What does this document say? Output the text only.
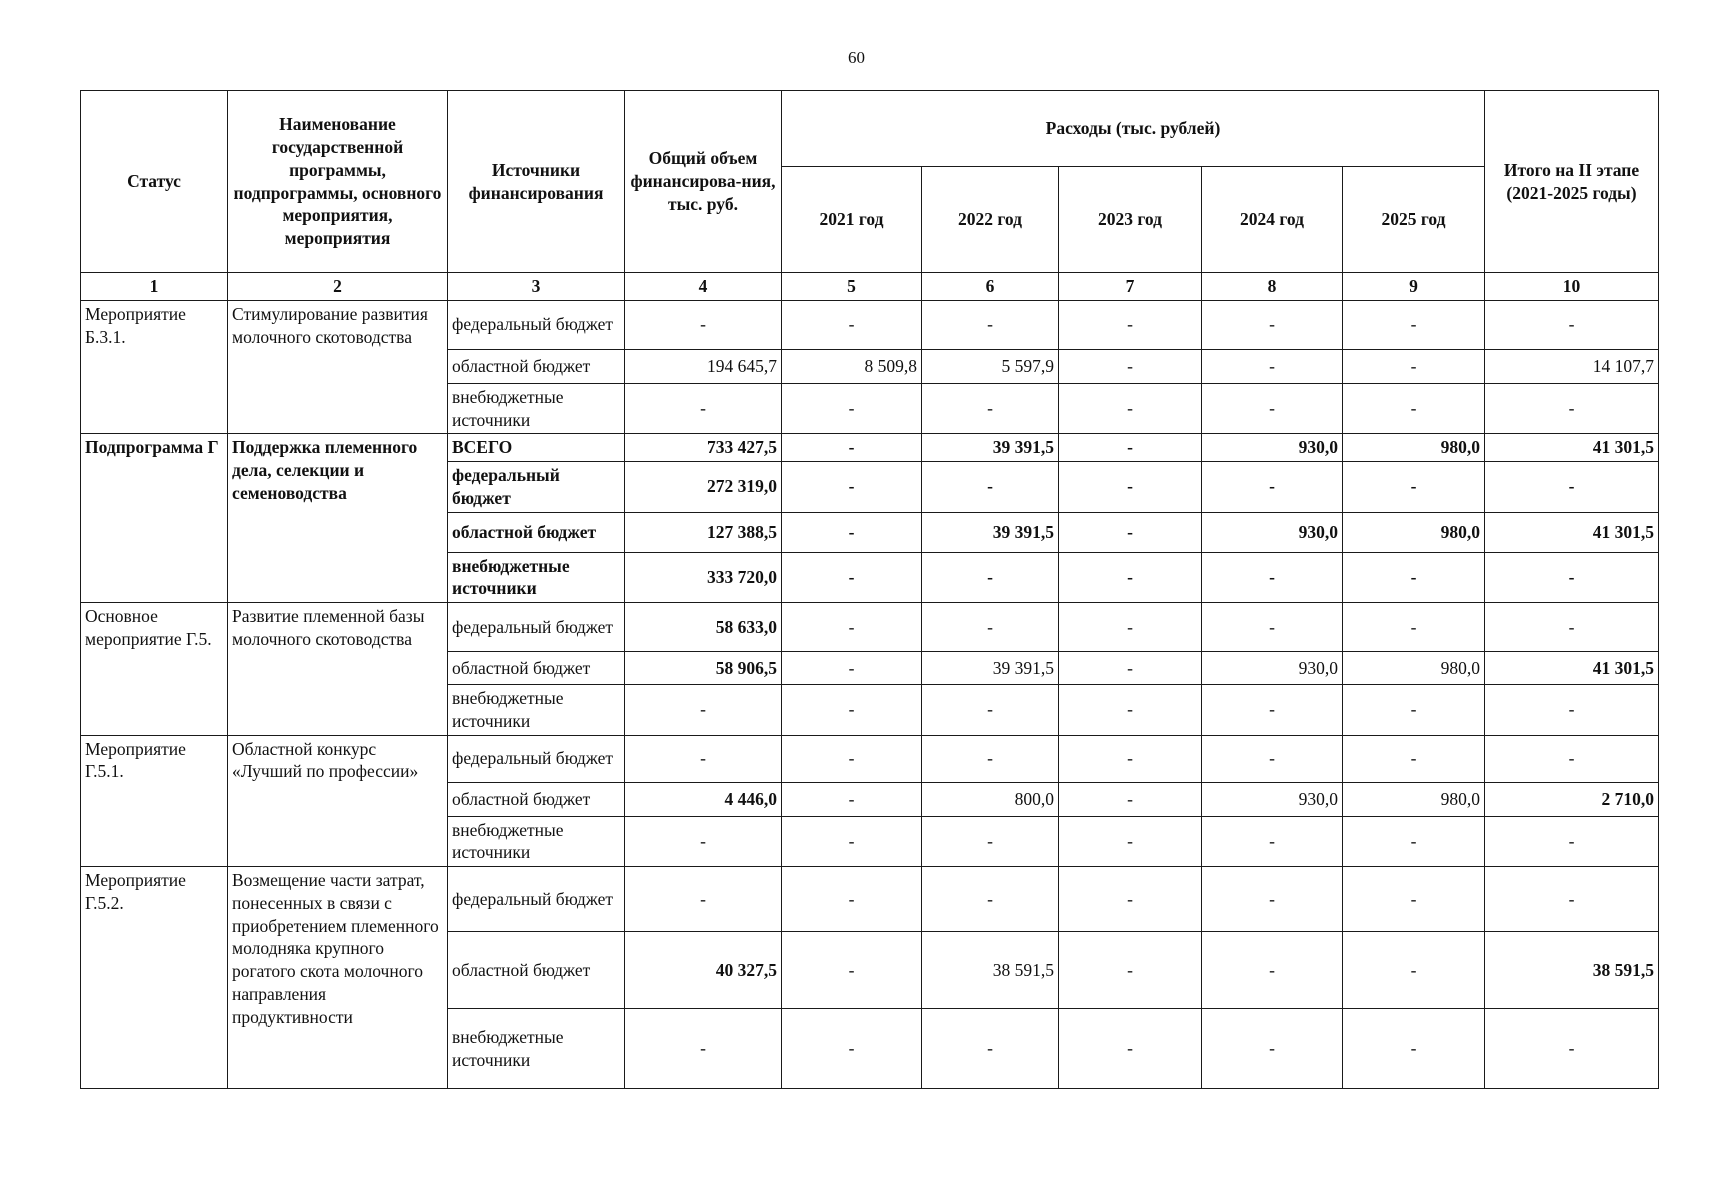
60
Статус	Наименование государственной программы, подпрограммы, основного мероприятия, мероприятия	Источники финансирования	Общий объем финансирова-ния, тыс. руб.	Расходы (тыс. рублей)					Итого на II этапе (2021-2025 годы)
				2021 год	2022 год	2023 год	2024 год	2025 год	
1	2	3	4	5	6	7	8	9	10
Мероприятие Б.3.1.	Стимулирование развития молочного скотоводства	федеральный бюджет	-	-	-	-	-	-	-
		областной бюджет	194 645,7	8 509,8	5 597,9	-	-	-	14 107,7
		внебюджетные источники	-	-	-	-	-	-	-
Подпрограмма Г	Поддержка племенного дела, селекции и семеноводства	ВСЕГО	733 427,5	-	39 391,5	-	930,0	980,0	41 301,5
		федеральный бюджет	272 319,0	-	-	-	-	-	-
		областной бюджет	127 388,5	-	39 391,5	-	930,0	980,0	41 301,5
		внебюджетные источники	333 720,0	-	-	-	-	-	-
Основное мероприятие Г.5.	Развитие племенной базы молочного скотоводства	федеральный бюджет	58 633,0	-	-	-	-	-	-
		областной бюджет	58 906,5	-	39 391,5	-	930,0	980,0	41 301,5
		внебюджетные источники	-	-	-	-	-	-	-
Мероприятие Г.5.1.	Областной конкурс «Лучший по профессии»	федеральный бюджет	-	-	-	-	-	-	-
		областной бюджет	4 446,0	-	800,0	-	930,0	980,0	2 710,0
		внебюджетные источники	-	-	-	-	-	-	-
Мероприятие Г.5.2.	Возмещение части затрат, понесенных в связи с приобретением племенного молодняка крупного рогатого скота молочного направления продуктивности	федеральный бюджет	-	-	-	-	-	-	-
		областной бюджет	40 327,5	-	38 591,5	-	-	-	38 591,5
		внебюджетные источники	-	-	-	-	-	-	-
